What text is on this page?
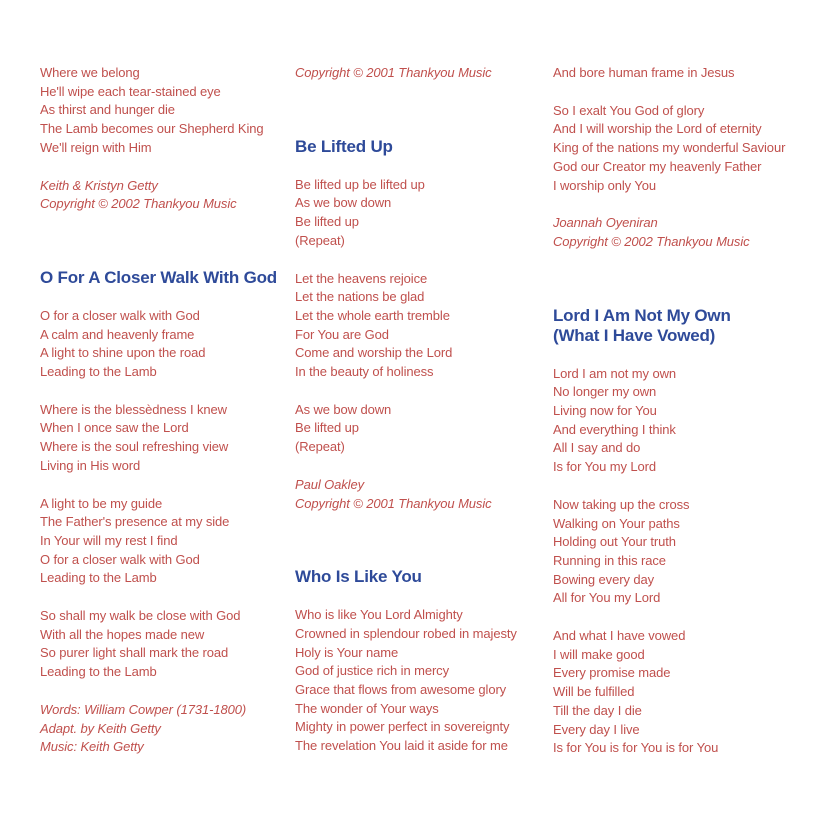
Where we belong
He'll wipe each tear-stained eye
As thirst and hunger die
The Lamb becomes our Shepherd King
We'll reign with Him
Keith & Kristyn Getty
Copyright © 2002 Thankyou Music
O For A Closer Walk With God
O for a closer walk with God
A calm and heavenly frame
A light to shine upon the road
Leading to the Lamb
Where is the blessèdness I knew
When I once saw the Lord
Where is the soul refreshing view
Living in His word
A light to be my guide
The Father's presence at my side
In Your will my rest I find
O for a closer walk with God
Leading to the Lamb
So shall my walk be close with God
With all the hopes made new
So purer light shall mark the road
Leading to the Lamb
Words: William Cowper (1731-1800)
Adapt. by Keith Getty
Music: Keith Getty
Copyright © 2001 Thankyou Music
Be Lifted Up
Be lifted up be lifted up
As we bow down
Be lifted up
(Repeat)
Let the heavens rejoice
Let the nations be glad
Let the whole earth tremble
For You are God
Come and worship the Lord
In the beauty of holiness
As we bow down
Be lifted up
(Repeat)
Paul Oakley
Copyright © 2001 Thankyou Music
Who Is Like You
Who is like You Lord Almighty
Crowned in splendour robed in majesty
Holy is Your name
God of justice rich in mercy
Grace that flows from awesome glory
The wonder of Your ways
Mighty in power perfect in sovereignty
The revelation You laid it aside for me
And bore human frame in Jesus
So I exalt You God of glory
And I will worship the Lord of eternity
King of the nations my wonderful Saviour
God our Creator my heavenly Father
I worship only You
Joannah Oyeniran
Copyright © 2002 Thankyou Music
Lord I Am Not My Own
(What I Have Vowed)
Lord I am not my own
No longer my own
Living now for You
And everything I think
All I say and do
Is for You my Lord
Now taking up the cross
Walking on Your paths
Holding out Your truth
Running in this race
Bowing every day
All for You my Lord
And what I have vowed
I will make good
Every promise made
Will be fulfilled
Till the day I die
Every day I live
Is for You is for You is for You
